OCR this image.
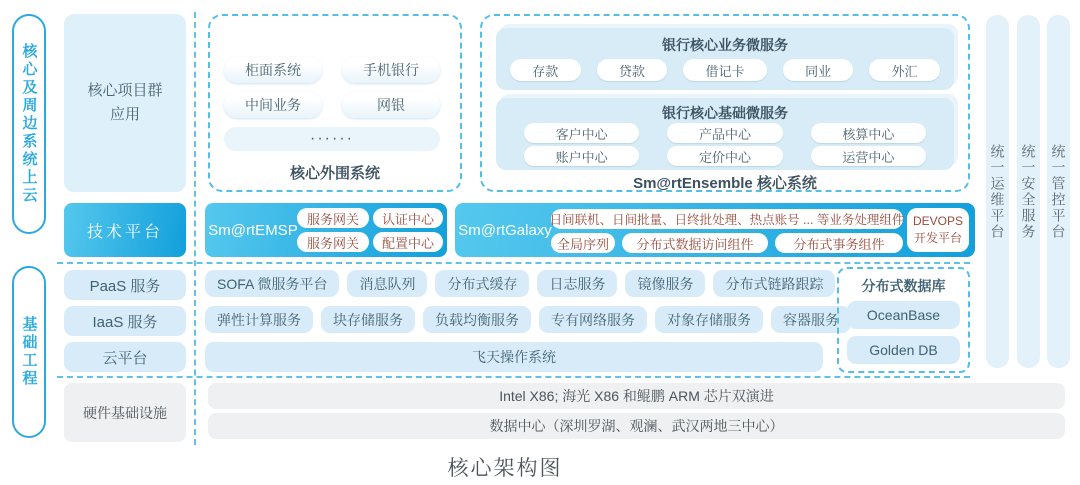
核心及周边系统上云
基础工程
核心项目群
应用
技术平台
柜面系统	手机银行
中间业务	网银
······
核心外围系统
银行核心业务微服务
存款	贷款	借记卡	同业	外汇
银行核心基础微服务
客户中心	产品中心	核算中心
账户中心	定价中心	运营中心
Sm@rtEnsemble 核心系统
Sm@rtEMSP
服务网关	认证中心
服务网关	配置中心
Sm@rtGalaxy
日间联机、日间批量、日终批处理、热点账号 ... 等业务处理组件
全局序列	分布式数据访问组件	分布式事务组件
DEVOPS
开发平台
PaaS 服务
IaaS 服务
云平台
SOFA 微服务平台	消息队列	分布式缓存	日志服务	镜像服务	分布式链路跟踪
弹性计算服务	块存储服务	负载均衡服务	专有网络服务	对象存储服务	容器服务
飞天操作系统
分布式数据库
OceanBase
Golden DB
硬件基础设施
Intel X86; 海光 X86 和鲲鹏 ARM 芯片双演进
数据中心（深圳罗湖、观澜、武汉两地三中心）
统一运维平台 统一安全服务 统一管控平台
核心架构图
